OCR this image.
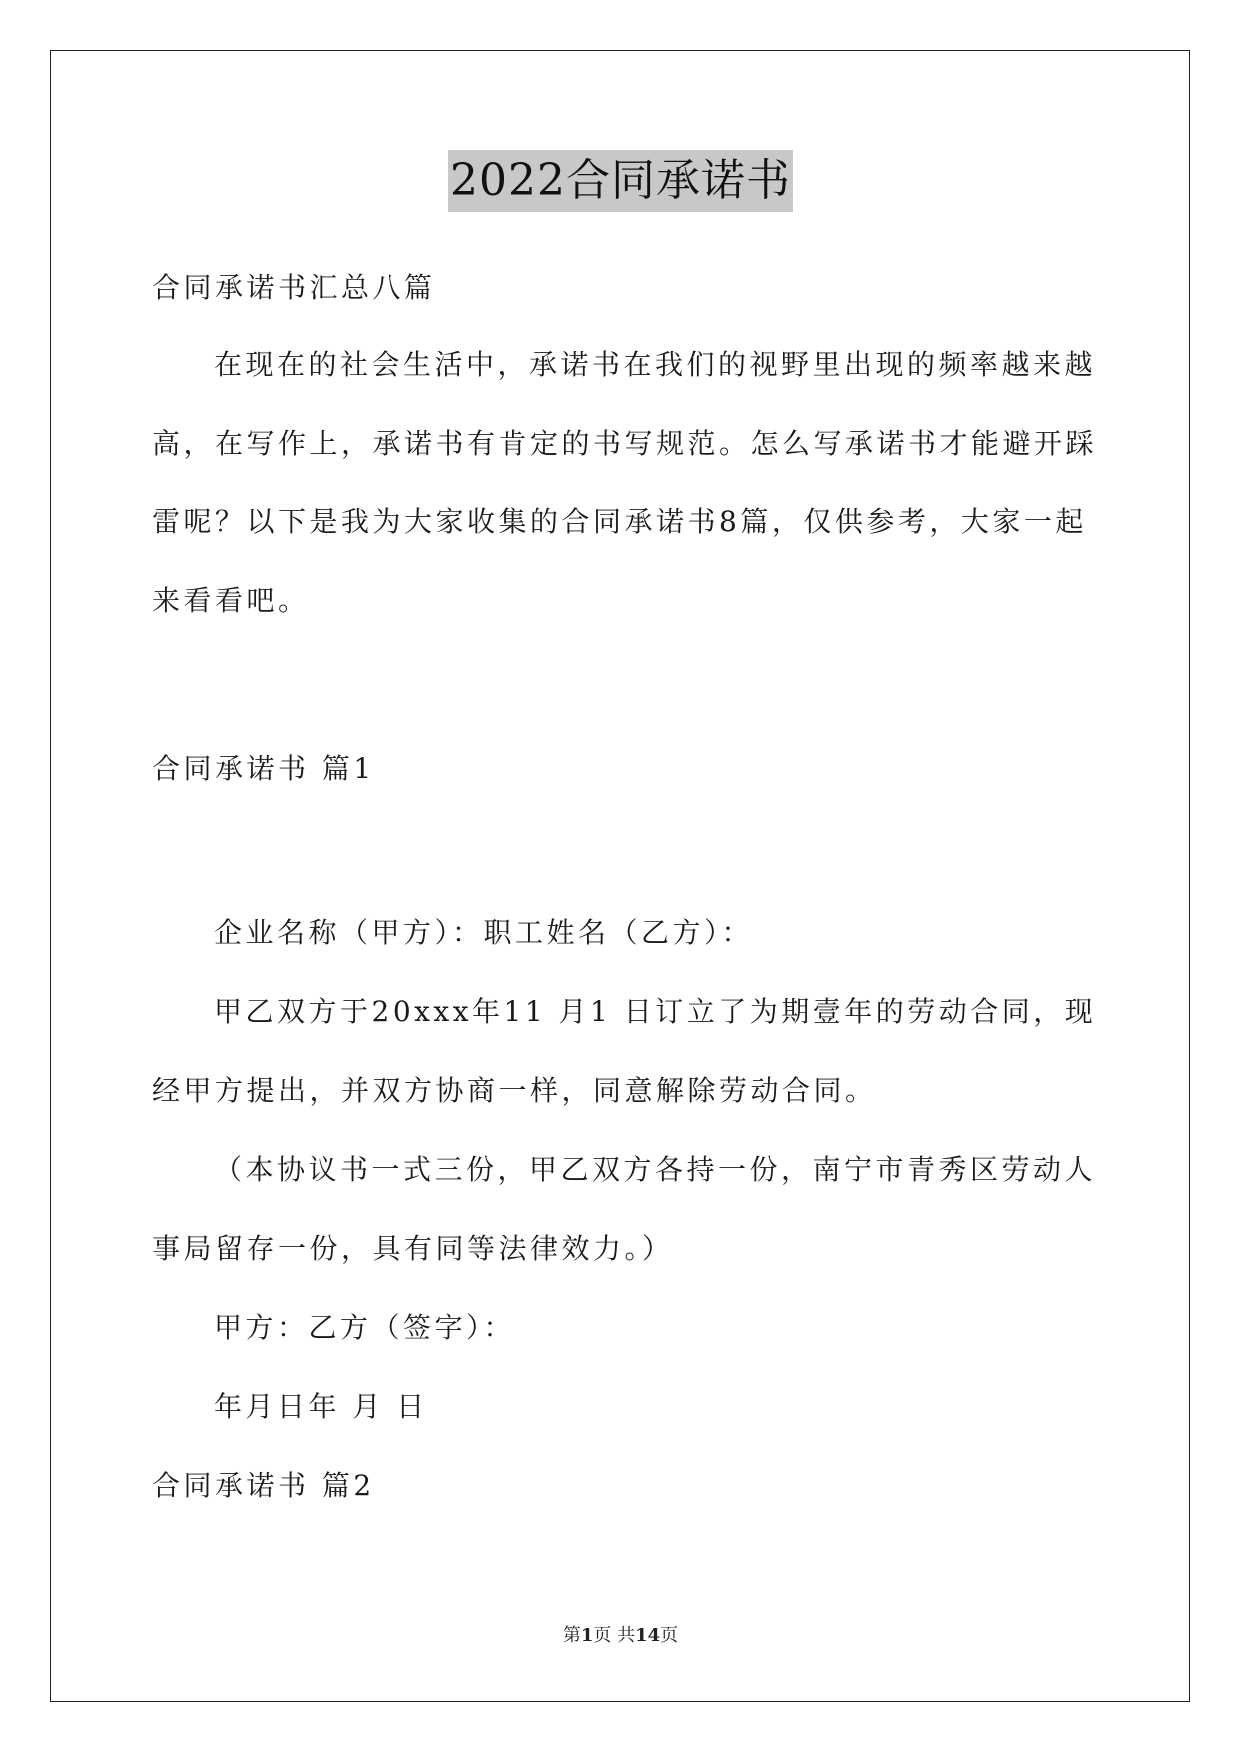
2022合同承诺书
合同承诺书汇总八篇
在现在的社会生活中，承诺书在我们的视野里出现的频率越来越
高，在写作上，承诺书有肯定的书写规范。怎么写承诺书才能避开踩
雷呢？以下是我为大家收集的合同承诺书8篇，仅供参考，大家一起
来看看吧。
合同承诺书 篇1
企业名称（甲方）：职工姓名（乙方）：
甲乙双方于20xxx年11 月1 日订立了为期壹年的劳动合同，现
经甲方提出，并双方协商一样，同意解除劳动合同。
（本协议书一式三份，甲乙双方各持一份，南宁市青秀区劳动人
事局留存一份，具有同等法律效力。）
甲方：乙方（签字）：
年月日年 月 日
合同承诺书 篇2
第1页 共14页
